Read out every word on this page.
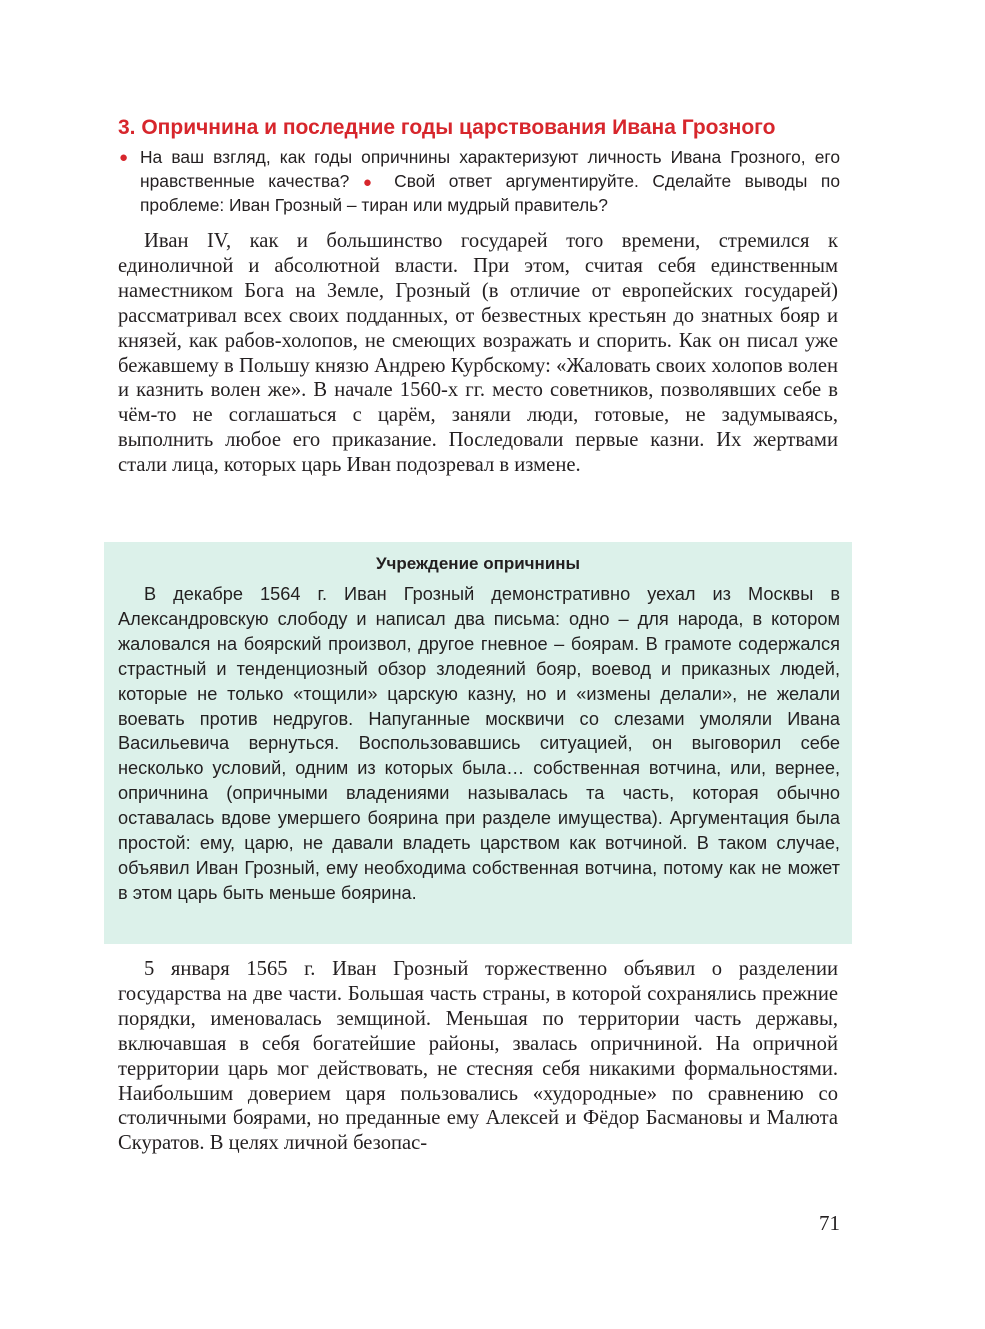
3. Опричнина и последние годы царствования Ивана Грозного
● На ваш взгляд, как годы опричнины характеризуют личность Ивана Грозного, его нравственные качества? ● Свой ответ аргументируйте. Сделайте выводы по проблеме: Иван Грозный – тиран или мудрый правитель?

Иван IV, как и большинство государей того времени, стремился к единоличной и абсолютной власти. При этом, считая себя единственным наместником Бога на Земле, Грозный (в отличие от европейских государей) рассматривал всех своих подданных, от безвестных крестьян до знатных бояр и князей, как рабов-холопов, не смеющих возражать и спорить. Как он писал уже бежавшему в Польшу князю Андрею Курбскому: «Жаловать своих холопов волен и казнить волен же». В начале 1560-х гг. место советников, позволявших себе в чём-то не соглашаться с царём, заняли люди, готовые, не задумываясь, выполнить любое его приказание. Последовали первые казни. Их жертвами стали лица, которых царь Иван подозревал в измене.

Учреждение опричнины

В декабре 1564 г. Иван Грозный демонстративно уехал из Москвы в Александровскую слободу и написал два письма: одно – для народа, в котором жаловался на боярский произвол, другое гневное – боярам. В грамоте содержался страстный и тенденциозный обзор злодеяний бояр, воевод и приказных людей, которые не только «тощили» царскую казну, но и «измены делали», не желали воевать против недругов. Напуганные москвичи со слезами умоляли Ивана Васильевича вернуться. Воспользовавшись ситуацией, он выговорил себе несколько условий, одним из которых была… собственная вотчина, или, вернее, опричнина (опричными владениями называлась та часть, которая обычно оставалась вдове умершего боярина при разделе имущества). Аргументация была простой: ему, царю, не давали владеть царством как вотчиной. В таком случае, объявил Иван Грозный, ему необходима собственная вотчина, потому как не может в этом царь быть меньше боярина.

5 января 1565 г. Иван Грозный торжественно объявил о разделении государства на две части. Большая часть страны, в которой сохранялись прежние порядки, именовалась земщиной. Меньшая по территории часть державы, включавшая в себя богатейшие районы, звалась опричниной. На опричной территории царь мог действовать, не стесняя себя никакими формальностями. Наибольшим доверием царя пользовались «худородные» по сравнению со столичными боярами, но преданные ему Алексей и Фёдор Басмановы и Малюта Скуратов. В целях личной безопас-

71
